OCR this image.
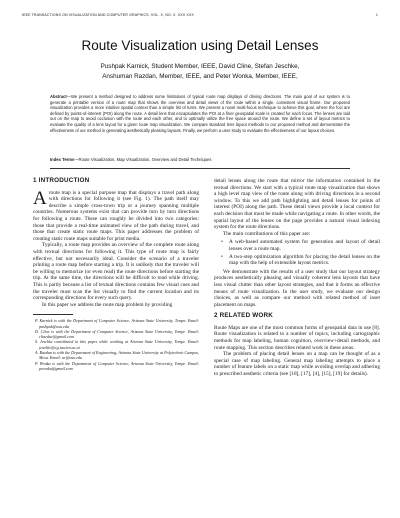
IEEE TRANSACTIONS ON VISUALIZATION AND COMPUTER GRAPHICS, VOL. X, NO. X, XXX XXX	1
Route Visualization using Detail Lenses
Pushpak Karnick, Student Member, IEEE, David Cline, Stefan Jeschke,
Anshuman Razdan, Member, IEEE, and Peter Wonka, Member, IEEE,
Abstract—We present a method designed to address some limitations of typical route map displays of driving directions. The main goal of our system is to generate a printable version of a route map that shows the overview and detail views of the route within a single, consistent visual frame. Our proposed visualization provides a more intuitive spatial context than a simple list of turns. We present a novel multi-focus technique to achieve this goal, where the foci are defined by points-of-interest (POI) along the route. A detail lens that encapsulates the POI at a finer geospatial scale is created for each focus. The lenses are laid out on the map to avoid occlusion with the route and each other, and to optimally utilize the free space around the route. We define a set of layout metrics to evaluate the quality of a lens layout for a given route map visualization. We compare standard lens layout methods to our proposed method and demonstrate the effectiveness of our method in generating aesthetically pleasing layouts. Finally, we perform a user study to evaluate the effectiveness of our layout choices.
Index Terms—Route Visualization, Map Visualization, Overview and Detail Techniques
1 INTRODUCTION

Aroute map is a special purpose map that displays a travel path along with directions for following it (see Fig. 1). The path itself may describe a simple cross-town trip or a journey spanning multiple countries. Numerous systems exist that can provide turn by turn directions for following a route. These can roughly be divided into two categories: those that provide a real-time animated view of the path during travel, and those that create static route maps. This paper addresses the problem of creating static route maps suitable for print media.

Typically, a route map provides an overview of the complete route along with textual directions for following it. This type of route map is fairly effective, but not necessarily ideal. Consider the scenario of a traveler printing a route map before starting a trip. It is unlikely that the traveler will be willing to memorize (or even read) the route directions before starting the trip. At the same time, the directions will be difficult to read while driving. This is partly because a list of textual directions contains few visual cues and the traveler must scan the list visually to find the current location and its corresponding directions for every such query.

In this paper we address the route map problem by providing

P. Karnick is with the Department of Computer Science, Arizona State University, Tempe. Email: pushpak@asu.edu

D. Cline is with the Department of Computer Science, Arizona State University, Tempe. Email: clinedav@gmail.com

S. Jeschke contributed to this paper while working at Arizona State University, Tempe. Email: jeschke@cg.tuwien.ac.at

A. Razdan is with the Department of Engineering, Arizona State University at Polytechnic Campus, Mesa. Email: ar@asu.edu

P. Wonka is with the Department of Computer Science, Arizona State University, Tempe. Email: pwonka@gmail.com

detail lenses along the route that mirror the information contained in the textual directions. We start with a typical route map visualization that shows a high level map view of the route along with driving directions in a second window. To this we add path highlighting and detail lenses for points of interest (POI) along the path. These detail views provide a local context for each decision that must be made while navigating a route. In other words, the spatial layout of the lenses on the page provides a natural visual indexing system for the route directions.

The main contributions of this paper are:

• A web-based automated system for generation and layout of detail lenses over a route map.
• A two-step optimization algorithm for placing the detail lenses on the map with the help of extensible layout metrics.

We demonstrate with the results of a user study that our layout strategy produces aesthetically pleasing and visually coherent lens layouts that have less visual clutter than other layout strategies, and that it forms an effective means of route visualization. In the user study, we evaluate our design choices, as well as compare our method with related method of inset placement on maps.

2 RELATED WORK

Route Maps are one of the most common forms of geospatial data in use [8]. Route visualization is related to a number of topics, including cartographic methods for map labeling, human cognition, overview+detail methods, and route mapping. This section describes related work in these areas.

The problem of placing detail lenses on a map can be thought of as a special case of map labeling. General map labeling attempts to place a number of feature labels on a static map while avoiding overlap and adhering to prescribed aesthetic criteria (see [18], [17], [4], [15], [19] for details).
